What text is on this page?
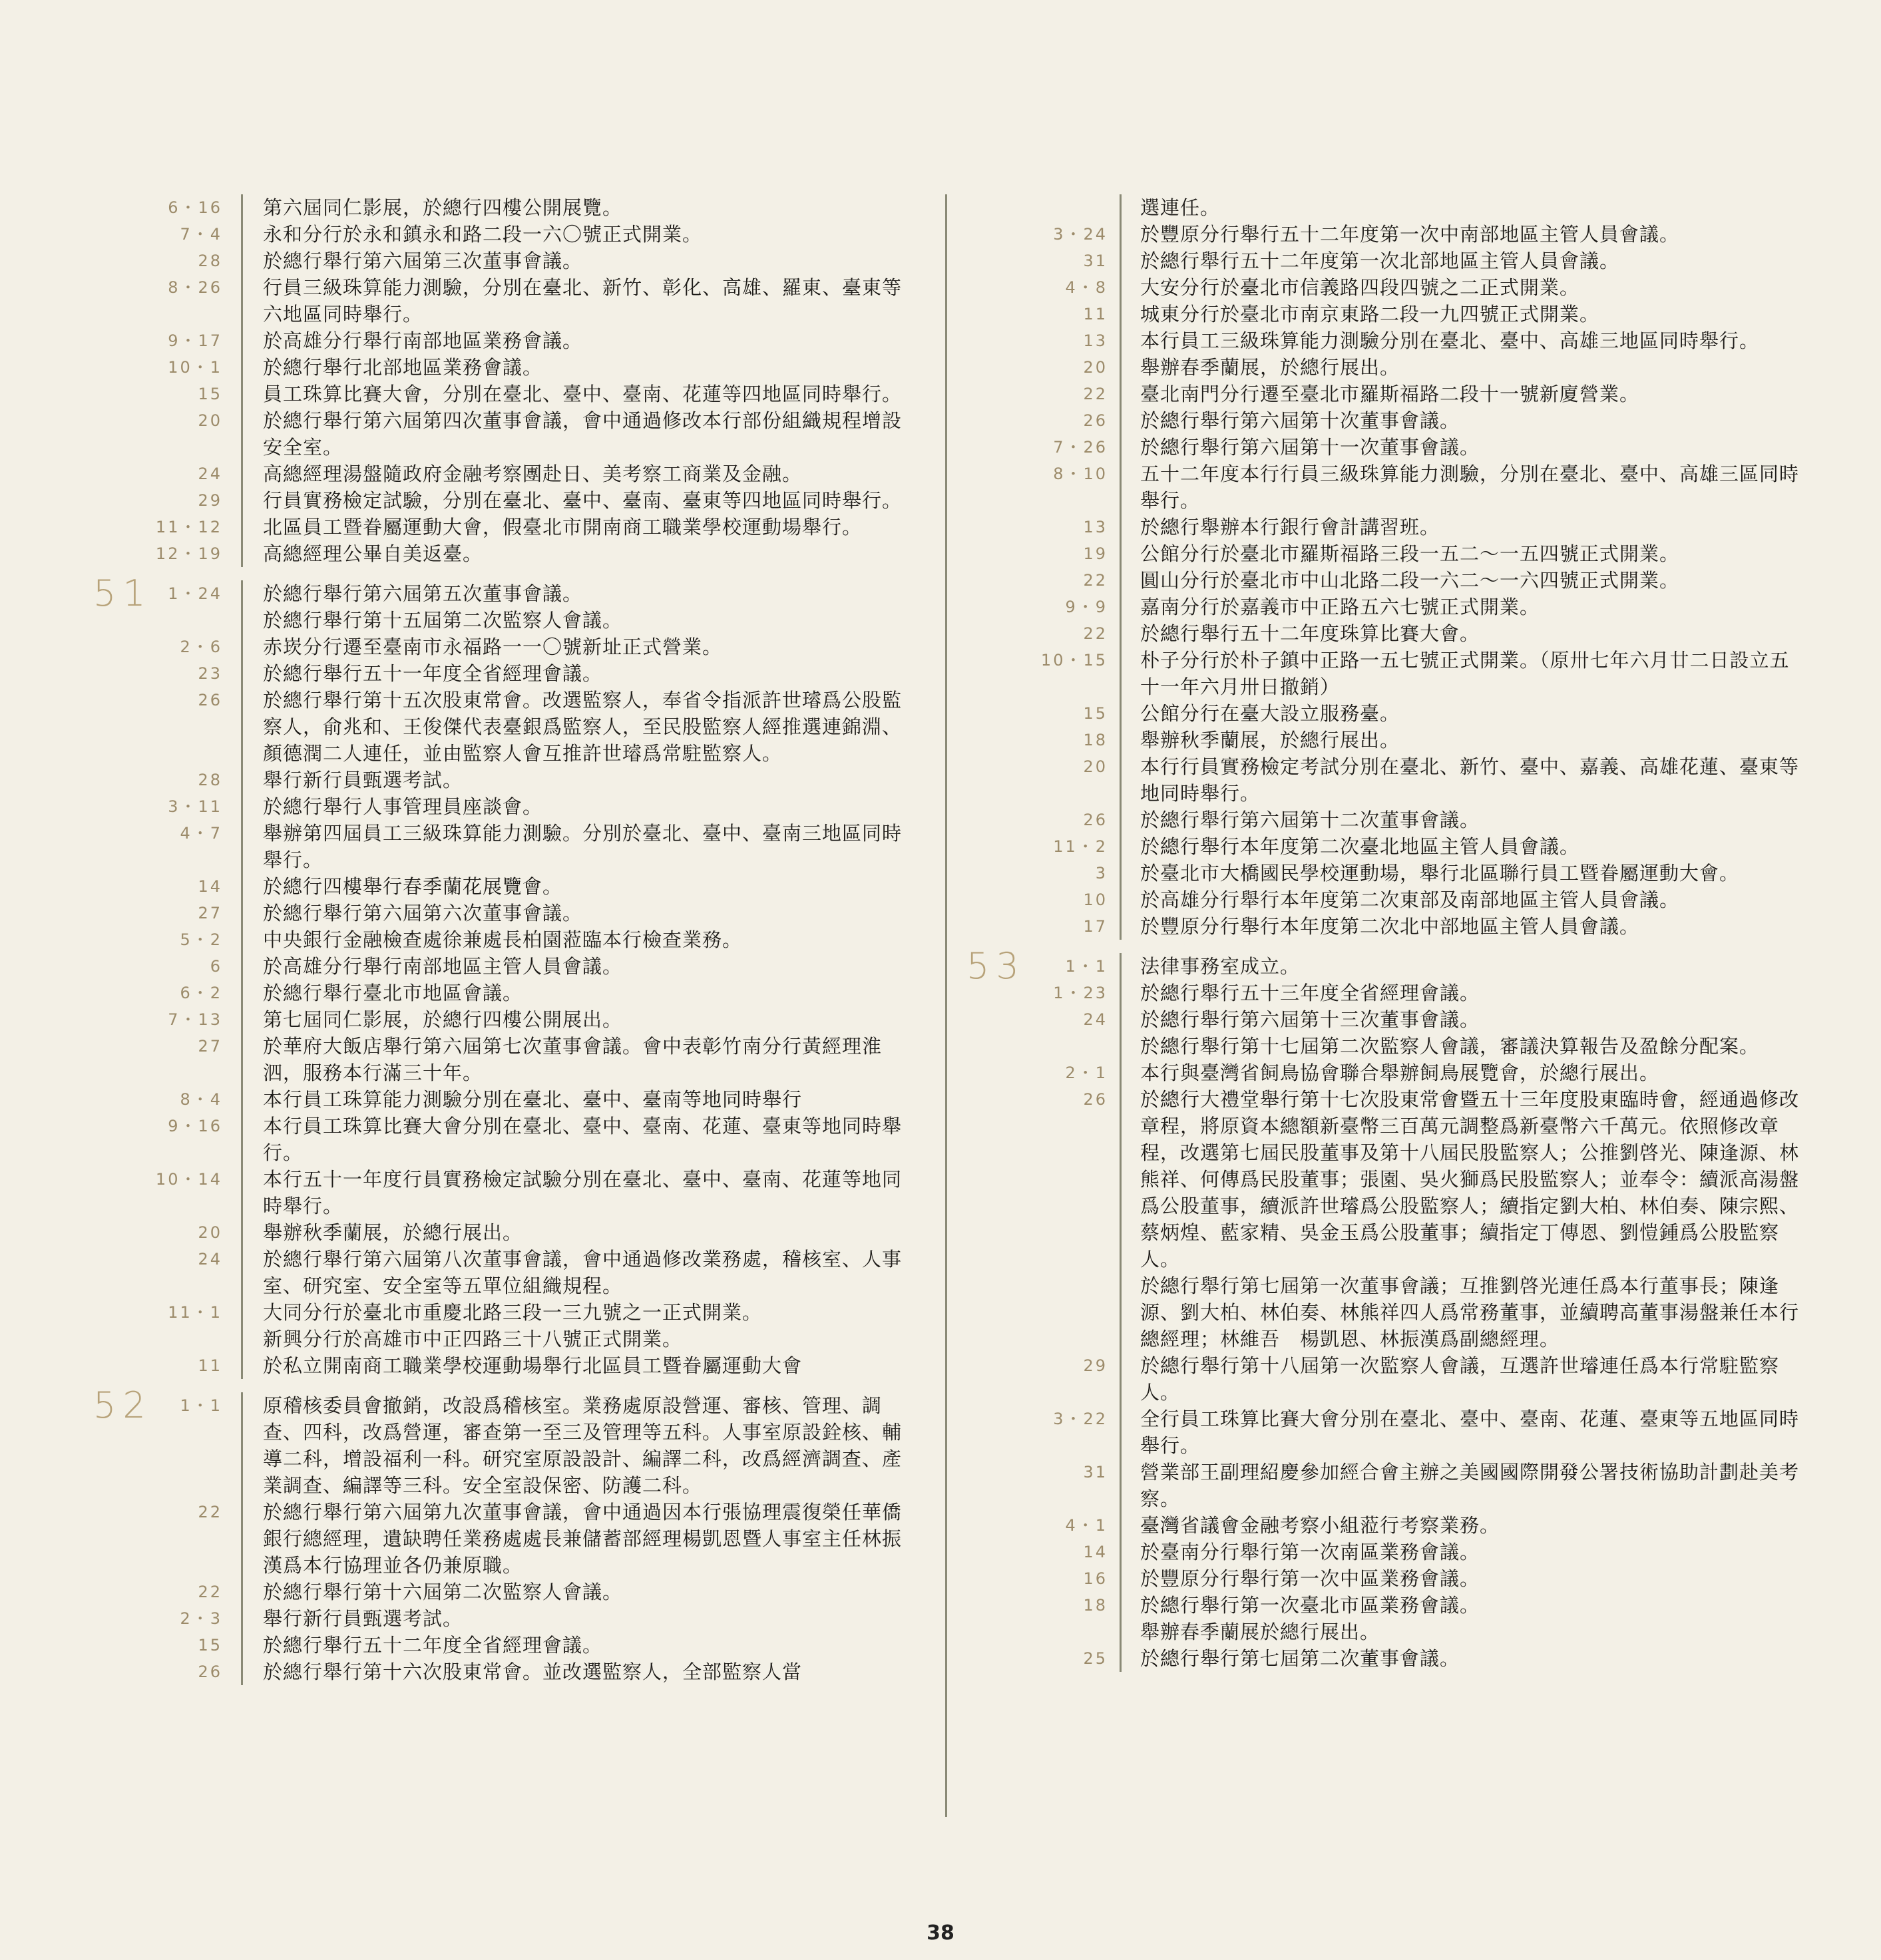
6・16	第六屆同仁影展，於總行四樓公開展覽。
7・4	永和分行於永和鎮永和路二段一六〇號正式開業。
28	於總行舉行第六屆第三次董事會議。
8・26	行員三級珠算能力測驗，分別在臺北、新竹、彰化、高雄、羅東、臺東等六地區同時舉行。
9・17	於高雄分行舉行南部地區業務會議。
10・1	於總行舉行北部地區業務會議。
15	員工珠算比賽大會，分別在臺北、臺中、臺南、花蓮等四地區同時舉行。
20	於總行舉行第六屆第四次董事會議，會中通過修改本行部份組織規程增設安全室。
24	高總經理湯盤隨政府金融考察團赴日、美考察工商業及金融。
29	行員實務檢定試驗，分別在臺北、臺中、臺南、臺東等四地區同時舉行。
11・12	北區員工暨眷屬運動大會，假臺北市開南商工職業學校運動場舉行。
12・19	高總經理公畢自美返臺。
51 1・24	於總行舉行第六屆第五次董事會議。
於總行舉行第十五屆第二次監察人會議。
2・6	赤崁分行遷至臺南市永福路一一〇號新址正式營業。
23	於總行舉行五十一年度全省經理會議。
26	於總行舉行第十五次股東常會。改選監察人，奉省令指派許世璿爲公股監察人，俞兆和、王俊傑代表臺銀爲監察人，至民股監察人經推選連錦淵、顏德潤二人連任，並由監察人會互推許世璿爲常駐監察人。
28	舉行新行員甄選考試。
3・11	於總行舉行人事管理員座談會。
4・7	舉辦第四屆員工三級珠算能力測驗。分別於臺北、臺中、臺南三地區同時舉行。
14	於總行四樓舉行春季蘭花展覽會。
27	於總行舉行第六屆第六次董事會議。
5・2	中央銀行金融檢查處徐兼處長柏園蒞臨本行檢查業務。
6	於高雄分行舉行南部地區主管人員會議。
6・2	於總行舉行臺北市地區會議。
7・13	第七屆同仁影展，於總行四樓公開展出。
27	於華府大飯店舉行第六屆第七次董事會議。會中表彰竹南分行黃經理淮泗，服務本行滿三十年。
8・4	本行員工珠算能力測驗分別在臺北、臺中、臺南等地同時舉行
9・16	本行員工珠算比賽大會分別在臺北、臺中、臺南、花蓮、臺東等地同時舉行。
10・14	本行五十一年度行員實務檢定試驗分別在臺北、臺中、臺南、花蓮等地同時舉行。
20	舉辦秋季蘭展，於總行展出。
24	於總行舉行第六屆第八次董事會議，會中通過修改業務處，稽核室、人事室、研究室、安全室等五單位組織規程。
11・1	大同分行於臺北市重慶北路三段一三九號之一正式開業。
新興分行於高雄市中正四路三十八號正式開業。
11	於私立開南商工職業學校運動場舉行北區員工暨眷屬運動大會
52	1・1	原稽核委員會撤銷，改設爲稽核室。業務處原設營運、審核、管理、調查、四科，改爲營運，審查第一至三及管理等五科。人事室原設銓核、輔導二科，增設福利一科。研究室原設設計、編譯二科，改爲經濟調查、產業調查、編譯等三科。安全室設保密、防護二科。
22	於總行舉行第六屆第九次董事會議，會中通過因本行張協理震復榮任華僑銀行總經理，遺缺聘任業務處處長兼儲蓄部經理楊凱恩暨人事室主任林振漢爲本行協理並各仍兼原職。
22	於總行舉行第十六屆第二次監察人會議。
2・3	舉行新行員甄選考試。
15	於總行舉行五十二年度全省經理會議。
26	於總行舉行第十六次股東常會。並改選監察人，全部監察人當
選連任。
3・24	於豐原分行舉行五十二年度第一次中南部地區主管人員會議。
31	於總行舉行五十二年度第一次北部地區主管人員會議。
4・8	大安分行於臺北市信義路四段四號之二正式開業。
11	城東分行於臺北市南京東路二段一九四號正式開業。
13	本行員工三級珠算能力測驗分別在臺北、臺中、高雄三地區同時舉行。
20	舉辦春季蘭展，於總行展出。
22	臺北南門分行遷至臺北市羅斯福路二段十一號新廈營業。
26	於總行舉行第六屆第十次董事會議。
7・26	於總行舉行第六屆第十一次董事會議。
8・10	五十二年度本行行員三級珠算能力測驗，分別在臺北、臺中、高雄三區同時舉行。
13	於總行舉辦本行銀行會計講習班。
19	公館分行於臺北市羅斯福路三段一五二～一五四號正式開業。
22	圓山分行於臺北市中山北路二段一六二～一六四號正式開業。
9・9	嘉南分行於嘉義市中正路五六七號正式開業。
22	於總行舉行五十二年度珠算比賽大會。
10・15	朴子分行於朴子鎮中正路一五七號正式開業。（原卅七年六月廿二日設立五十一年六月卅日撤銷）
15	公館分行在臺大設立服務臺。
18	舉辦秋季蘭展，於總行展出。
20	本行行員實務檢定考試分別在臺北、新竹、臺中、嘉義、高雄花蓮、臺東等地同時舉行。
26	於總行舉行第六屆第十二次董事會議。
11・2	於總行舉行本年度第二次臺北地區主管人員會議。
3	於臺北市大橋國民學校運動場，舉行北區聯行員工暨眷屬運動大會。
10	於高雄分行舉行本年度第二次東部及南部地區主管人員會議。
17	於豐原分行舉行本年度第二次北中部地區主管人員會議。
53	1・1	法律事務室成立。
1・23	於總行舉行五十三年度全省經理會議。
24	於總行舉行第六屆第十三次董事會議。
於總行舉行第十七屆第二次監察人會議，審議決算報告及盈餘分配案。
2・1	本行與臺灣省飼鳥協會聯合舉辦飼鳥展覽會，於總行展出。
26	於總行大禮堂舉行第十七次股東常會暨五十三年度股東臨時會，經通過修改章程，將原資本總額新臺幣三百萬元調整爲新臺幣六千萬元。依照修改章程，改選第七屆民股董事及第十八屆民股監察人；公推劉啓光、陳逢源、林熊祥、何傳爲民股董事；張園、吳火獅爲民股監察人；並奉令：續派高湯盤爲公股董事，續派許世璿爲公股監察人；續指定劉大柏、林伯奏、陳宗熙、蔡炳煌、藍家精、吳金玉爲公股董事；續指定丁傳恩、劉愷鍾爲公股監察人。
於總行舉行第七屆第一次董事會議；互推劉啓光連任爲本行董事長；陳逢源、劉大柏、林伯奏、林熊祥四人爲常務董事，並續聘高董事湯盤兼任本行總經理；林維吾　楊凱恩、林振漢爲副總經理。
29	於總行舉行第十八屆第一次監察人會議，互選許世璿連任爲本行常駐監察人。
3・22	全行員工珠算比賽大會分別在臺北、臺中、臺南、花蓮、臺東等五地區同時舉行。
31	營業部王副理紹慶參加經合會主辦之美國國際開發公署技術協助計劃赴美考察。
4・1	臺灣省議會金融考察小組蒞行考察業務。
14	於臺南分行舉行第一次南區業務會議。
16	於豐原分行舉行第一次中區業務會議。
18	於總行舉行第一次臺北市區業務會議。
舉辦春季蘭展於總行展出。
25	於總行舉行第七屆第二次董事會議。
38
